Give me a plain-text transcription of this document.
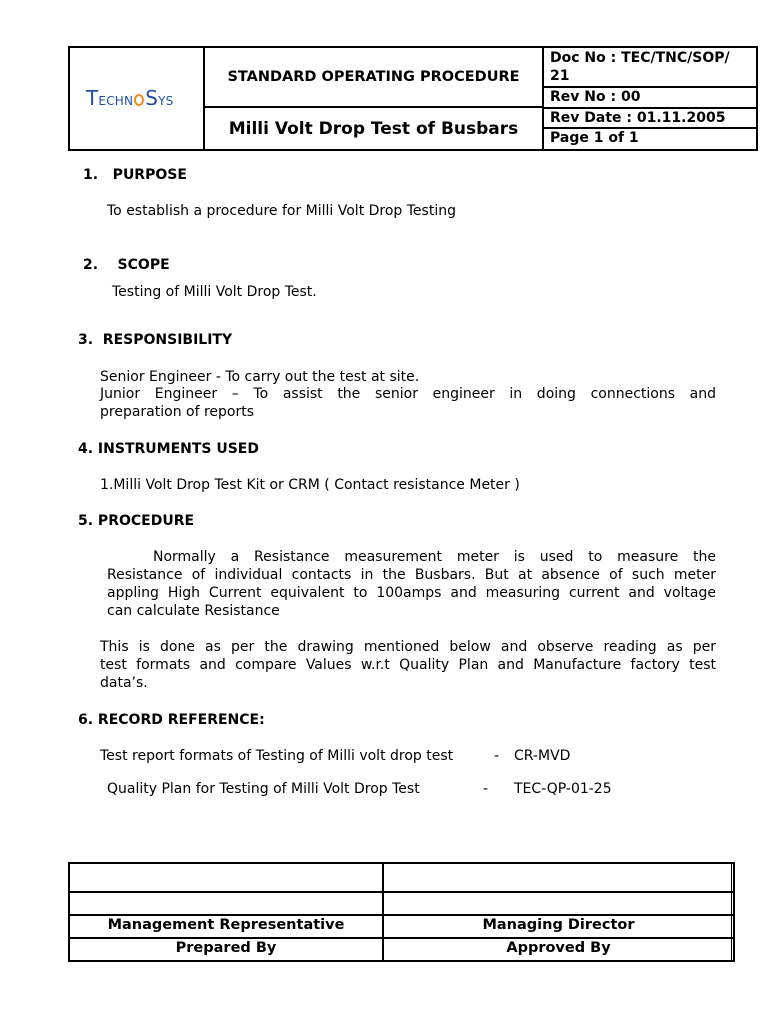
Techn Sys
STANDARD OPERATING PROCEDURE
Milli Volt Drop Test of Busbars
Doc No : TEC/TNC/SOP/
21
Rev No : 00
Rev Date : 01.11.2005
Page 1 of 1
1.   PURPOSE
To establish a procedure for Milli Volt Drop Testing
2.    SCOPE
Testing of Milli Volt Drop Test.
3.  RESPONSIBILITY
Senior Engineer - To carry out the test at site.
Junior Engineer – To assist the senior engineer in doing connections and
preparation of reports
4. INSTRUMENTS USED
1.Milli Volt Drop Test Kit or CRM ( Contact resistance Meter )
5. PROCEDURE
Normally a Resistance measurement meter is used to measure the
Resistance of individual contacts in the Busbars. But at absence of such meter
appling High Current equivalent to 100amps and measuring current and voltage
can calculate Resistance
This is done as per the drawing mentioned below and observe reading as per
test formats and compare Values w.r.t Quality Plan and Manufacture factory test
data’s.
6. RECORD REFERENCE:
Test report formats of Testing of Milli volt drop test	- CR-MVD
Quality Plan for Testing of Milli Volt Drop Test	- TEC-QP-01-25
Management Representative	Managing Director
Prepared By	Approved By
